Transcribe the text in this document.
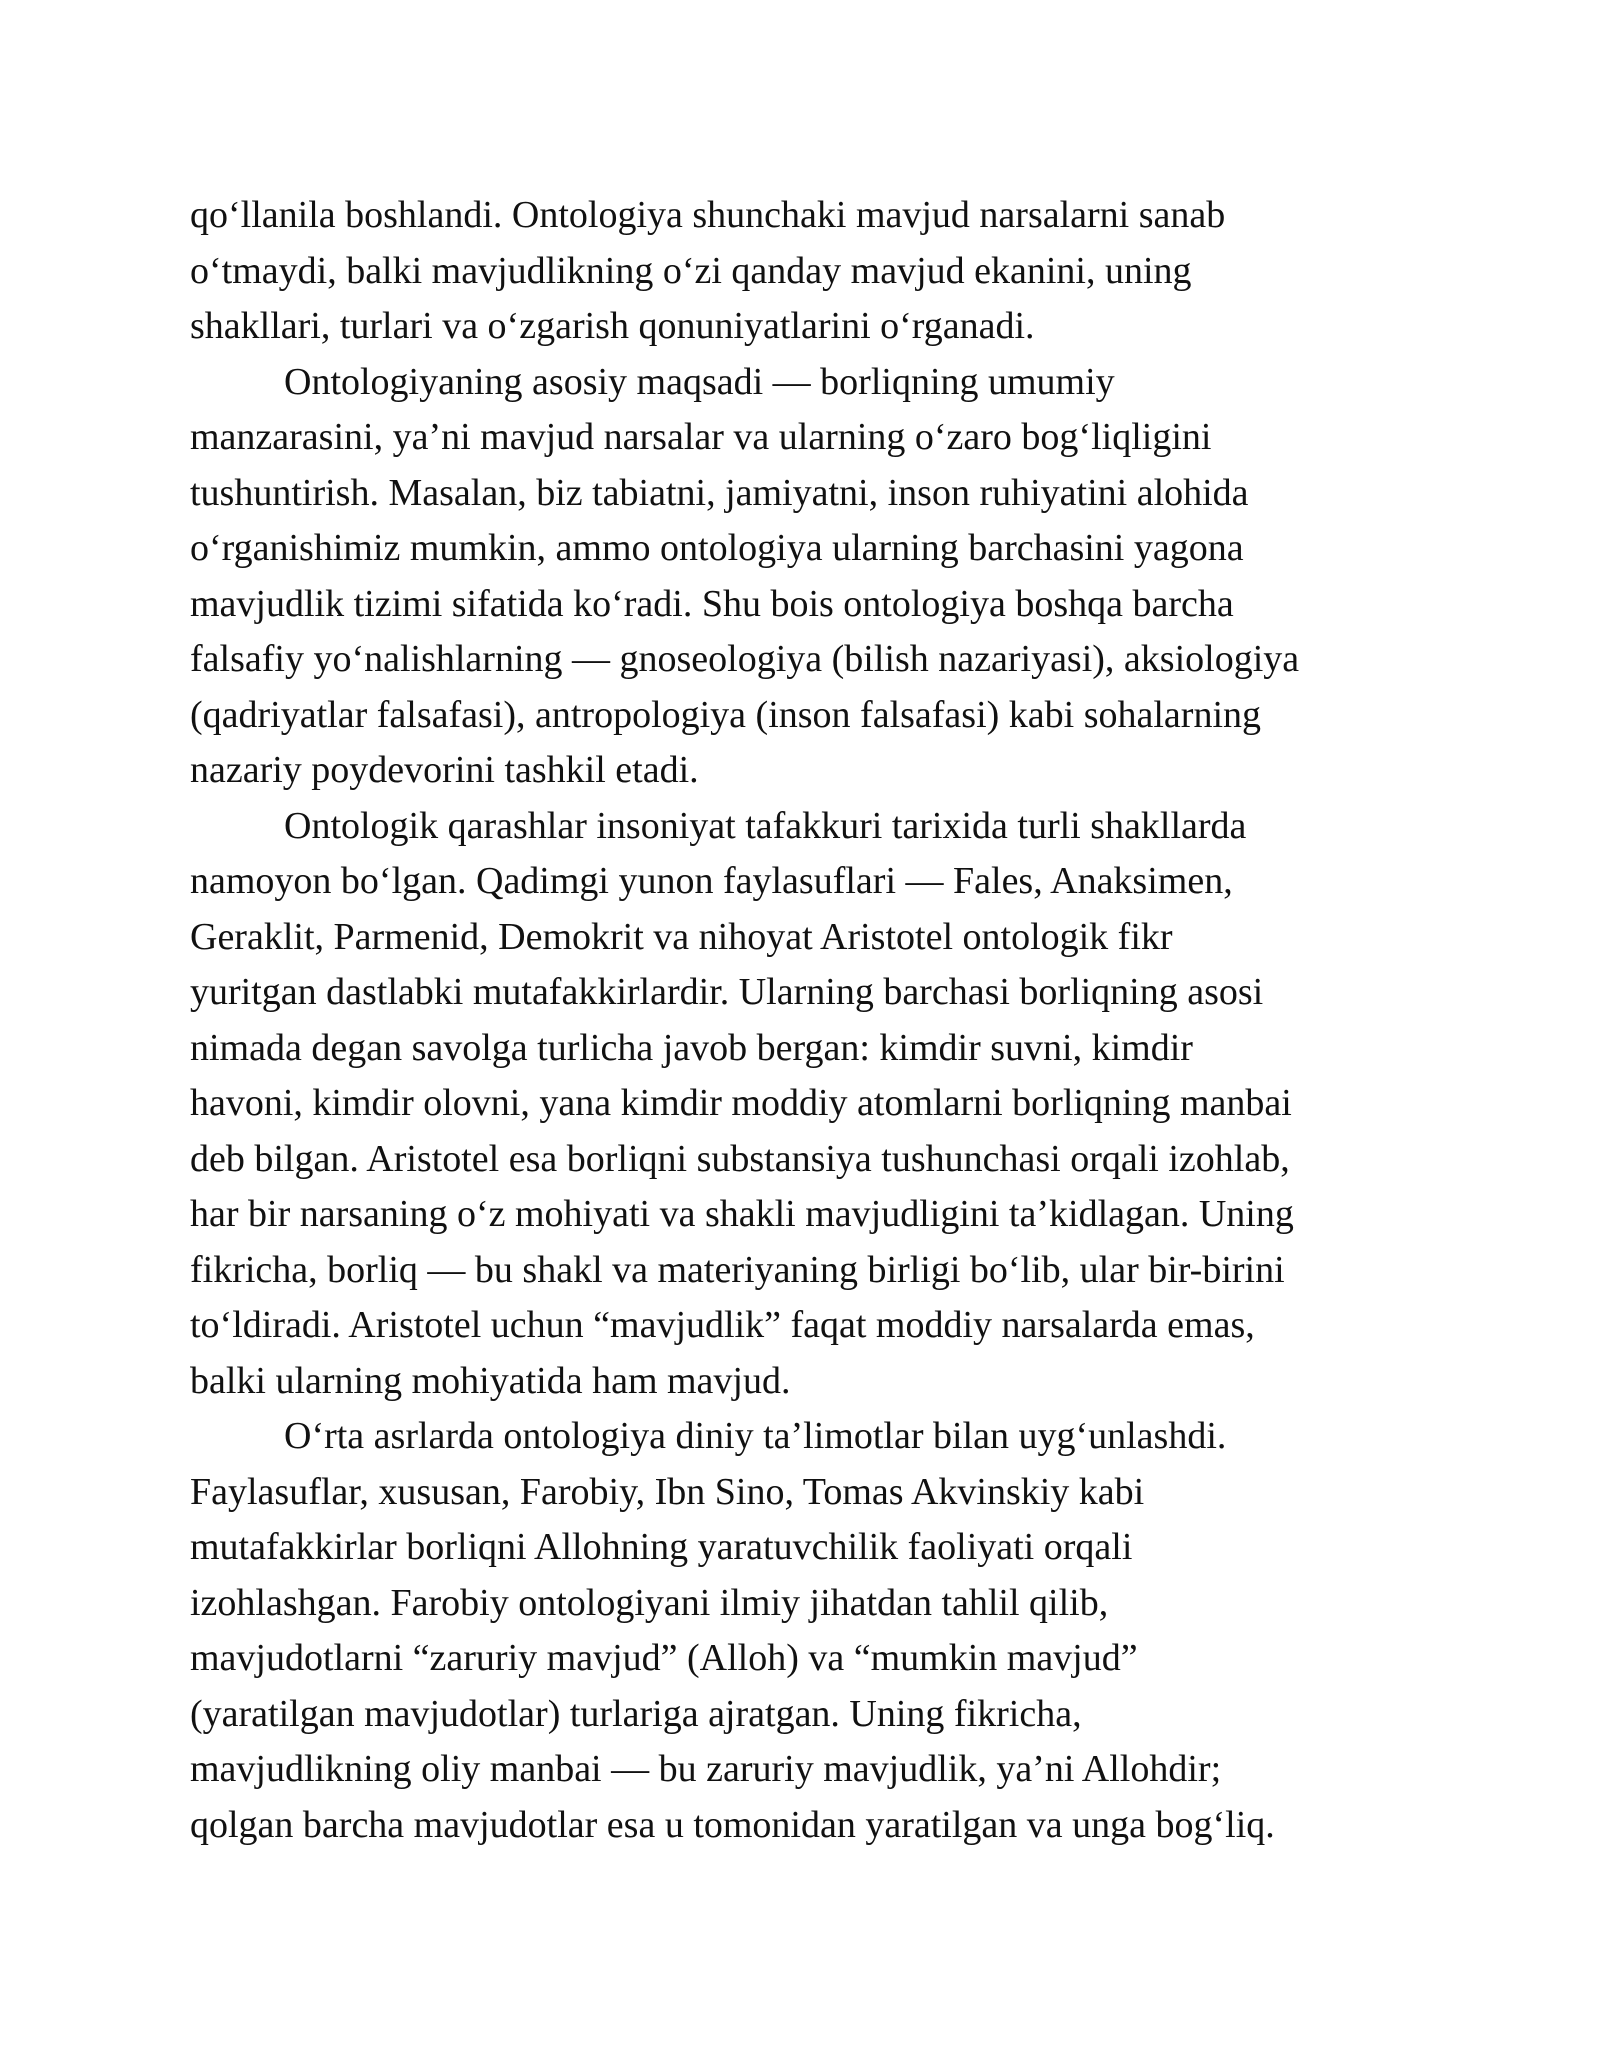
qo‘llanila boshlandi. Ontologiya shunchaki mavjud narsalarni sanab
o‘tmaydi, balki mavjudlikning o‘zi qanday mavjud ekanini, uning
shakllari, turlari va o‘zgarish qonuniyatlarini o‘rganadi.

Ontologiyaning asosiy maqsadi — borliqning umumiy
manzarasini, ya’ni mavjud narsalar va ularning o‘zaro bog‘liqligini
tushuntirish. Masalan, biz tabiatni, jamiyatni, inson ruhiyatini alohida
o‘rganishimiz mumkin, ammo ontologiya ularning barchasini yagona
mavjudlik tizimi sifatida ko‘radi. Shu bois ontologiya boshqa barcha
falsafiy yo‘nalishlarning — gnoseologiya (bilish nazariyasi), aksiologiya
(qadriyatlar falsafasi), antropologiya (inson falsafasi) kabi sohalarning
nazariy poydevorini tashkil etadi.

Ontologik qarashlar insoniyat tafakkuri tarixida turli shakllarda
namoyon bo‘lgan. Qadimgi yunon faylasuflari — Fales, Anaksimen,
Geraklit, Parmenid, Demokrit va nihoyat Aristotel ontologik fikr
yuritgan dastlabki mutafakkirlardir. Ularning barchasi borliqning asosi
nimada degan savolga turlicha javob bergan: kimdir suvni, kimdir
havoni, kimdir olovni, yana kimdir moddiy atomlarni borliqning manbai
deb bilgan. Aristotel esa borliqni substansiya tushunchasi orqali izohlab,
har bir narsaning o‘z mohiyati va shakli mavjudligini ta’kidlagan. Uning
fikricha, borliq — bu shakl va materiyaning birligi bo‘lib, ular bir-birini
to‘ldiradi. Aristotel uchun “mavjudlik” faqat moddiy narsalarda emas,
balki ularning mohiyatida ham mavjud.

O‘rta asrlarda ontologiya diniy ta’limotlar bilan uyg‘unlashdi.
Faylasuflar, xususan, Farobiy, Ibn Sino, Tomas Akvinskiy kabi
mutafakkirlar borliqni Allohning yaratuvchilik faoliyati orqali
izohlashgan. Farobiy ontologiyani ilmiy jihatdan tahlil qilib,
mavjudotlarni “zaruriy mavjud” (Alloh) va “mumkin mavjud”
(yaratilgan mavjudotlar) turlariga ajratgan. Uning fikricha,
mavjudlikning oliy manbai — bu zaruriy mavjudlik, ya’ni Allohdir;
qolgan barcha mavjudotlar esa u tomonidan yaratilgan va unga bog‘liq.
